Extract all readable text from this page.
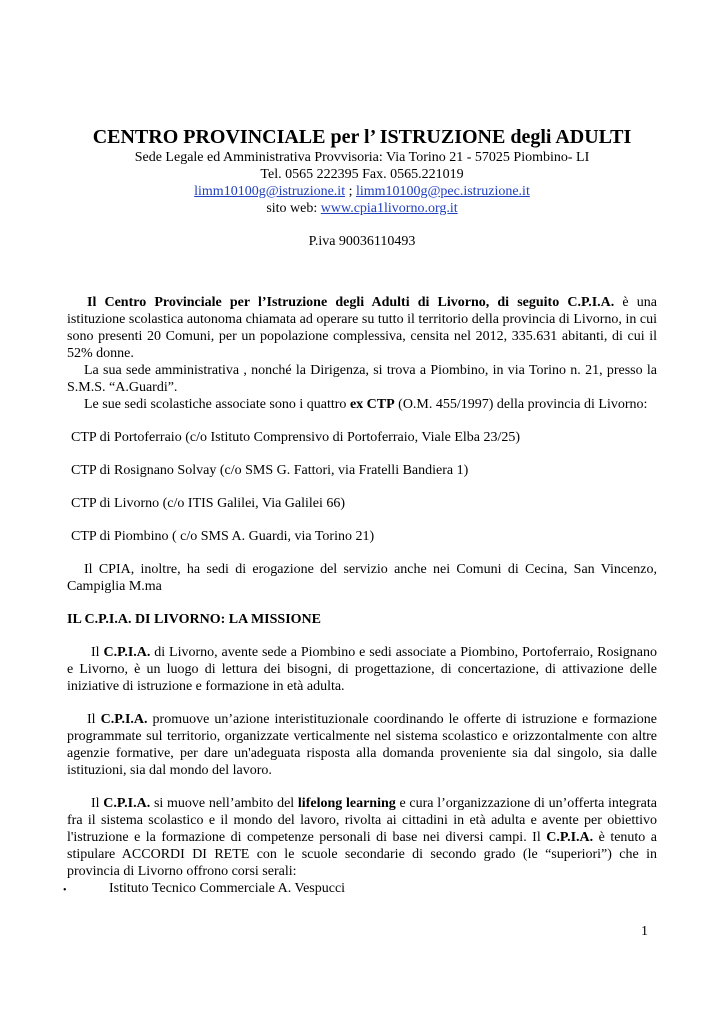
CENTRO PROVINCIALE per l’ ISTRUZIONE degli ADULTI
Sede Legale ed Amministrativa Provvisoria: Via Torino 21 - 57025 Piombino- LI
Tel. 0565 222395 Fax. 0565.221019
limm10100g@istruzione.it ; limm10100g@pec.istruzione.it
sito web: www.cpia1livorno.org.it
P.iva 90036110493

Il Centro Provinciale per l’Istruzione degli Adulti di Livorno, di seguito C.P.I.A. è una istituzione scolastica autonoma chiamata ad operare su tutto il territorio della provincia di Livorno, in cui sono presenti 20 Comuni, per un popolazione complessiva, censita nel 2012, 335.631 abitanti, di cui il 52% donne.

La sua sede amministrativa , nonché la Dirigenza, si trova a Piombino, in via Torino n. 21, presso la S.M.S. “A.Guardi”.

Le sue sedi scolastiche associate sono i quattro ex CTP (O.M. 455/1997) della provincia di Livorno:

CTP di Portoferraio (c/o Istituto Comprensivo di Portoferraio, Viale Elba 23/25)

CTP di Rosignano Solvay (c/o SMS G. Fattori, via Fratelli Bandiera 1)

CTP di Livorno (c/o ITIS Galilei, Via Galilei 66)

CTP di Piombino ( c/o SMS A. Guardi, via Torino 21)

Il CPIA, inoltre, ha sedi di erogazione del servizio anche nei Comuni di Cecina, San Vincenzo, Campiglia M.ma

IL C.P.I.A. DI LIVORNO: LA MISSIONE

Il C.P.I.A. di Livorno, avente sede a Piombino e sedi associate a Piombino, Portoferraio, Rosignano e Livorno, è un luogo di lettura dei bisogni, di progettazione, di concertazione, di attivazione delle iniziative di istruzione e formazione in età adulta.

Il C.P.I.A. promuove un’azione interistituzionale coordinando le offerte di istruzione e formazione programmate sul territorio, organizzate verticalmente nel sistema scolastico e orizzontalmente con altre agenzie formative, per dare un'adeguata risposta alla domanda proveniente sia dal singolo, sia dalle istituzioni, sia dal mondo del lavoro.

Il C.P.I.A. si muove nell’ambito del lifelong learning e cura l’organizzazione di un’offerta integrata fra il sistema scolastico e il mondo del lavoro, rivolta ai cittadini in età adulta e avente per obiettivo l'istruzione e la formazione di competenze personali di base nei diversi campi. Il C.P.I.A. è tenuto a stipulare ACCORDI DI RETE con le scuole secondarie di secondo grado (le “superiori”) che in provincia di Livorno offrono corsi serali:

•	Istituto Tecnico Commerciale A. Vespucci
1
